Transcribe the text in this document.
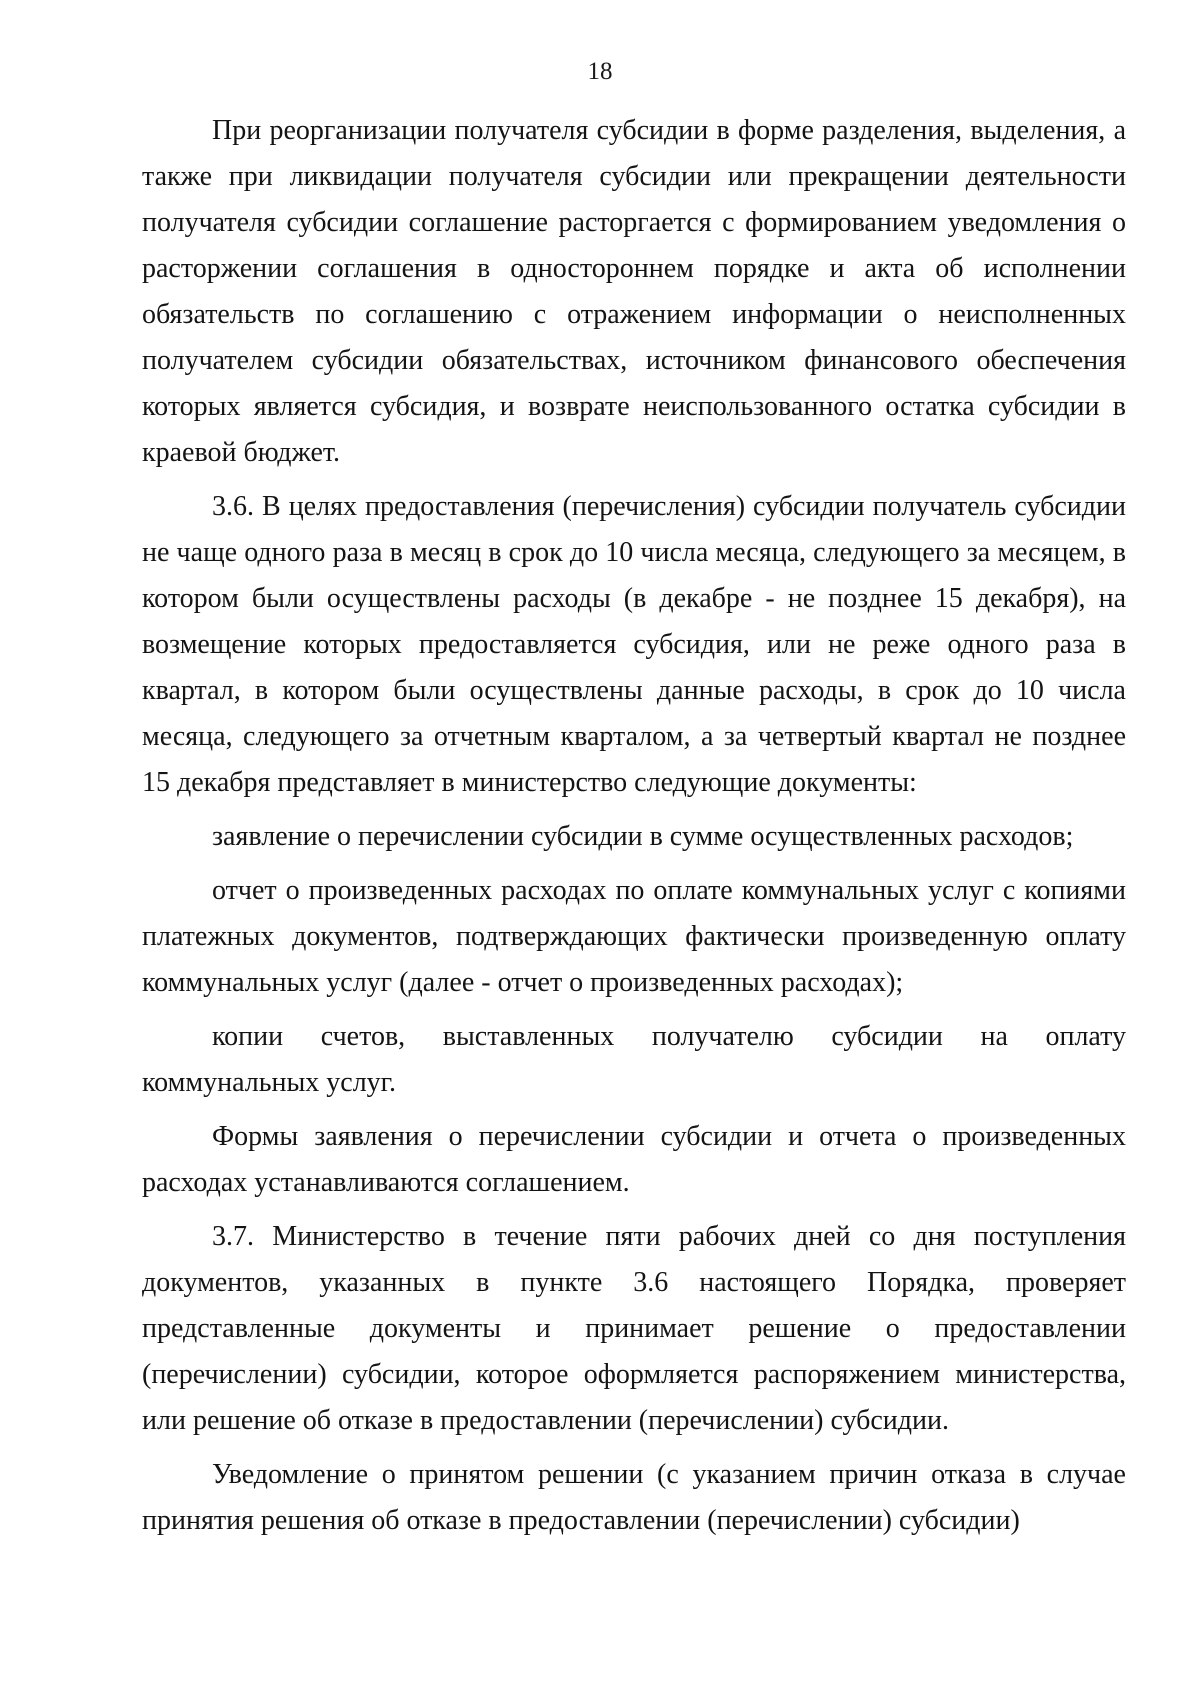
18

При реорганизации получателя субсидии в форме разделения, выделения, а также при ликвидации получателя субсидии или прекращении деятельности получателя субсидии соглашение расторгается с формированием уведомления о расторжении соглашения в одностороннем порядке и акта об исполнении обязательств по соглашению с отражением информации о неисполненных получателем субсидии обязательствах, источником финансового обеспечения которых является субсидия, и возврате неиспользованного остатка субсидии в краевой бюджет.

3.6. В целях предоставления (перечисления) субсидии получатель субсидии не чаще одного раза в месяц в срок до 10 числа месяца, следующего за месяцем, в котором были осуществлены расходы (в декабре - не позднее 15 декабря), на возмещение которых предоставляется субсидия, или не реже одного раза в квартал, в котором были осуществлены данные расходы, в срок до 10 числа месяца, следующего за отчетным кварталом, а за четвертый квартал не позднее 15 декабря представляет в министерство следующие документы:

заявление о перечислении субсидии в сумме осуществленных расходов;

отчет о произведенных расходах по оплате коммунальных услуг с копиями платежных документов, подтверждающих фактически произведенную оплату коммунальных услуг (далее - отчет о произведенных расходах);

копии счетов, выставленных получателю субсидии на оплату коммунальных услуг.

Формы заявления о перечислении субсидии и отчета о произведенных расходах устанавливаются соглашением.

3.7. Министерство в течение пяти рабочих дней со дня поступления документов, указанных в пункте 3.6 настоящего Порядка, проверяет представленные документы и принимает решение о предоставлении (перечислении) субсидии, которое оформляется распоряжением министерства, или решение об отказе в предоставлении (перечислении) субсидии.

Уведомление о принятом решении (с указанием причин отказа в случае принятия решения об отказе в предоставлении (перечислении) субсидии)
